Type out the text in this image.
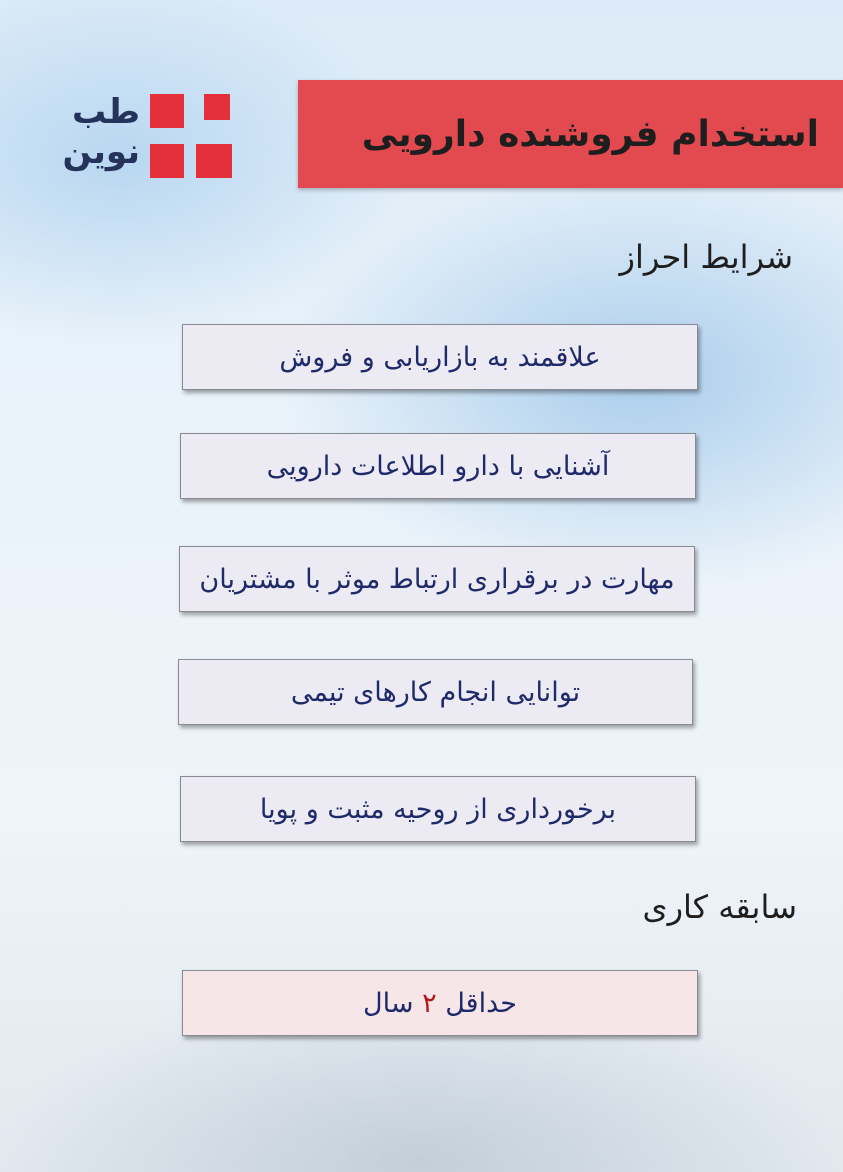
طب
نوین	استخدام فروشنده دارویی
شرایط احراز
علاقمند به بازاریابی و فروش
آشنایی با دارو اطلاعات دارویی
مهارت در برقراری ارتباط موثر با مشتریان
توانایی انجام کارهای تیمی
برخورداری از روحیه مثبت و پویا
سابقه کاری
حداقل ۲ سال
